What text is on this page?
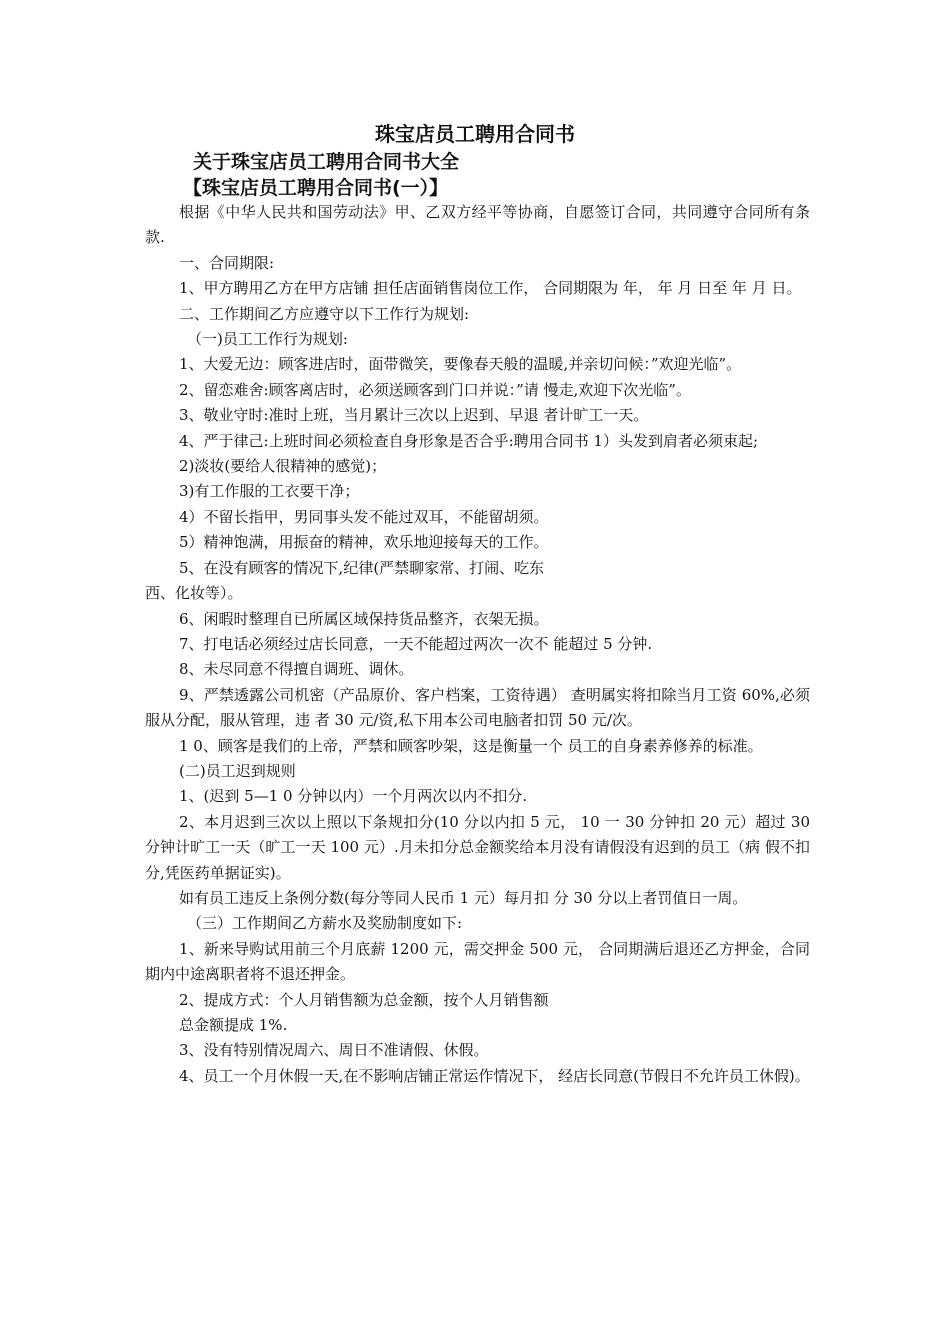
珠宝店员工聘用合同书
关于珠宝店员工聘用合同书大全
【珠宝店员工聘用合同书(一）】

根据《中华人民共和国劳动法》甲、乙双方经平等协商，自愿签订合同，共同遵守合同所有条款.

一、合同期限:

1、甲方聘用乙方在甲方店铺 担任店面销售岗位工作， 合同期限为 年， 年 月 日至 年 月 日。

二、工作期间乙方应遵守以下工作行为规划:

（一)员工工作行为规划:

1、大爱无边：顾客进店时，面带微笑，要像春天般的温暖,并亲切问候：”欢迎光临”。

2、留恋难舍:顾客离店时，必须送顾客到门口并说：”请 慢走,欢迎下次光临”。

3、敬业守时:准时上班，当月累计三次以上迟到、早退 者计旷工一天。

4、严于律己:上班时间必须检查自身形象是否合乎:聘用合同书 1）头发到肩者必须束起;

2)淡妆(要给人很精神的感觉)；

3)有工作服的工衣要干净；

4）不留长指甲，男同事头发不能过双耳，不能留胡须。

5）精神饱满，用振奋的精神，欢乐地迎接每天的工作。

5、在没有顾客的情况下,纪律(严禁聊家常、打闹、吃东

西、化妆等）。

6、闲暇时整理自已所属区域保持货品整齐，衣架无损。

7、打电话必须经过店长同意，一天不能超过两次一次不 能超过 5 分钟.

8、未尽同意不得擅自调班、调休。

9、严禁透露公司机密（产品原价、客户档案，工资待遇） 查明属实将扣除当月工资 60%,必须服从分配，服从管理，违 者 30 元/资,私下用本公司电脑者扣罚 50 元/次。

1 0、顾客是我们的上帝，严禁和顾客吵架，这是衡量一个 员工的自身素养修养的标准。

(二)员工迟到规则

1、(迟到 5—1 0 分钟以内）一个月两次以内不扣分.

2、本月迟到三次以上照以下条规扣分(10 分以内扣 5 元， 10 一 30 分钟扣 20 元）超过 30 分钟计旷工一天（旷工一天 100 元）.月未扣分总金额奖给本月没有请假没有迟到的员工（病 假不扣分,凭医药单据证实)。

如有员工违反上条例分数(每分等同人民币 1 元）每月扣 分 30 分以上者罚值日一周。

（三）工作期间乙方薪水及奖励制度如下:

1、新来导购试用前三个月底薪 1200 元，需交押金 500 元， 合同期满后退还乙方押金，合同期内中途离职者将不退还押金。

2、提成方式：个人月销售额为总金额，按个人月销售额

总金额提成 1%.

3、没有特别情况周六、周日不准请假、休假。

4、员工一个月休假一天,在不影响店铺正常运作情况下， 经店长同意(节假日不允许员工休假)。
